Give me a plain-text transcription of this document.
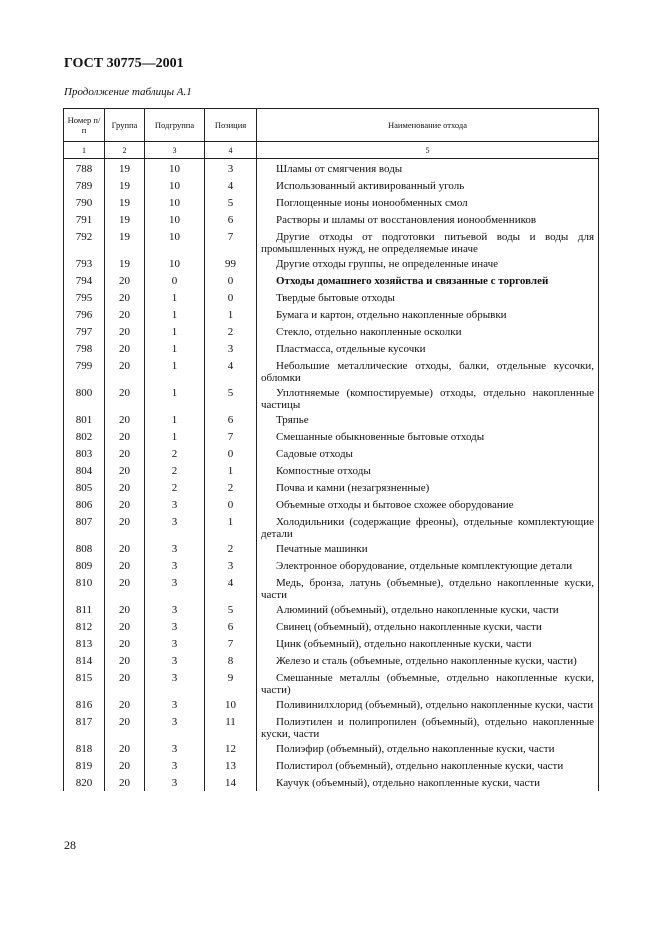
ГОСТ 30775—2001
Продолжение таблицы А.1
Номер п/п	Группа	Подгруппа	Позиция	Наименование отхода
1	2	3	4	5
788	19	10	3	Шламы от смягчения воды
789	19	10	4	Использованный активированный уголь
790	19	10	5	Поглощенные ионы ионообменных смол
791	19	10	6	Растворы и шламы от восстановления ионообменников
792	19	10	7	Другие отходы от подготовки питьевой воды и воды для промышленных нужд, не определяемые иначе
793	19	10	99	Другие отходы группы, не определенные иначе
794	20	0	0	Отходы домашнего хозяйства и связанные с торговлей
795	20	1	0	Твердые бытовые отходы
796	20	1	1	Бумага и картон, отдельно накопленные обрывки
797	20	1	2	Стекло, отдельно накопленные осколки
798	20	1	3	Пластмасса, отдельные кусочки
799	20	1	4	Небольшие металлические отходы, балки, отдельные кусочки, обломки
800	20	1	5	Уплотняемые (компостируемые) отходы, отдельно накопленные частицы
801	20	1	6	Тряпье
802	20	1	7	Смешанные обыкновенные бытовые отходы
803	20	2	0	Садовые отходы
804	20	2	1	Компостные отходы
805	20	2	2	Почва и камни (незагрязненные)
806	20	3	0	Объемные отходы и бытовое схожее оборудование
807	20	3	1	Холодильники (содержащие фреоны), отдельные комплектующие детали
808	20	3	2	Печатные машинки
809	20	3	3	Электронное оборудование, отдельные комплектующие детали
810	20	3	4	Медь, бронза, латунь (объемные), отдельно накопленные куски, части
811	20	3	5	Алюминий (объемный), отдельно накопленные куски, части
812	20	3	6	Свинец (объемный), отдельно накопленные куски, части
813	20	3	7	Цинк (объемный), отдельно накопленные куски, части
814	20	3	8	Железо и сталь (объемные, отдельно накопленные куски, части)
815	20	3	9	Смешанные металлы (объемные, отдельно накопленные куски, части)
816	20	3	10	Поливинилхлорид (объемный), отдельно накопленные куски, части
817	20	3	11	Полиэтилен и полипропилен (объемный), отдельно накопленные куски, части
818	20	3	12	Полиэфир (объемный), отдельно накопленные куски, части
819	20	3	13	Полистирол (объемный), отдельно накопленные куски, части
820	20	3	14	Каучук (объемный), отдельно накопленные куски, части
28
